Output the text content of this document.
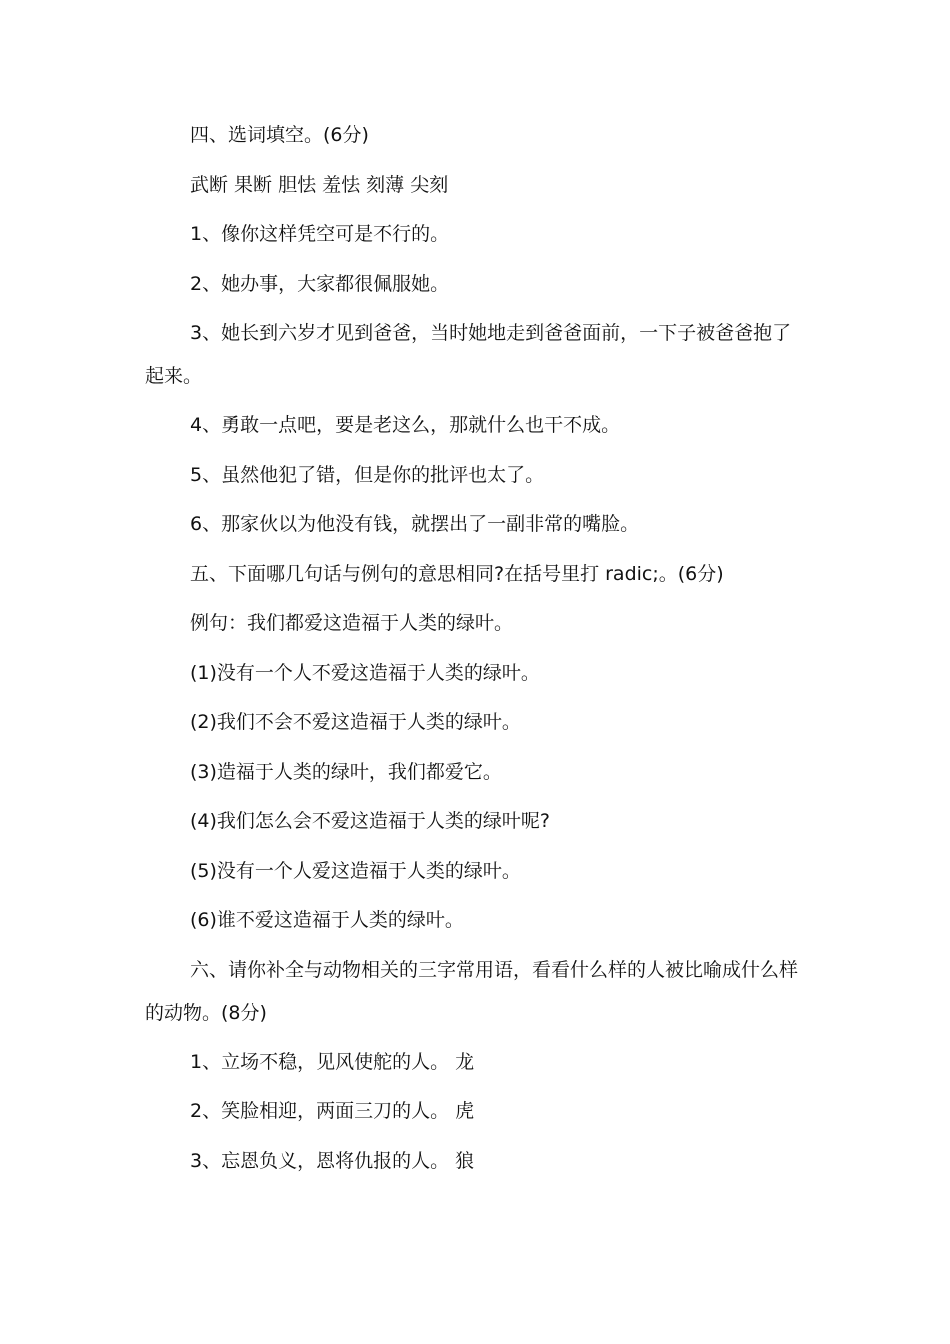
四、选词填空。(6分)

武断 果断 胆怯 羞怯 刻薄 尖刻

1、像你这样凭空可是不行的。

2、她办事，大家都很佩服她。

3、她长到六岁才见到爸爸，当时她地走到爸爸面前，一下子被爸爸抱了起来。

4、勇敢一点吧，要是老这么，那就什么也干不成。

5、虽然他犯了错，但是你的批评也太了。

6、那家伙以为他没有钱，就摆出了一副非常的嘴脸。

五、下面哪几句话与例句的意思相同?在括号里打 radic;。(6分)

例句：我们都爱这造福于人类的绿叶。

(1)没有一个人不爱这造福于人类的绿叶。

(2)我们不会不爱这造福于人类的绿叶。

(3)造福于人类的绿叶，我们都爱它。

(4)我们怎么会不爱这造福于人类的绿叶呢?

(5)没有一个人爱这造福于人类的绿叶。

(6)谁不爱这造福于人类的绿叶。

六、请你补全与动物相关的三字常用语，看看什么样的人被比喻成什么样的动物。(8分)

1、立场不稳，见风使舵的人。 龙

2、笑脸相迎，两面三刀的人。 虎

3、忘恩负义，恩将仇报的人。 狼
